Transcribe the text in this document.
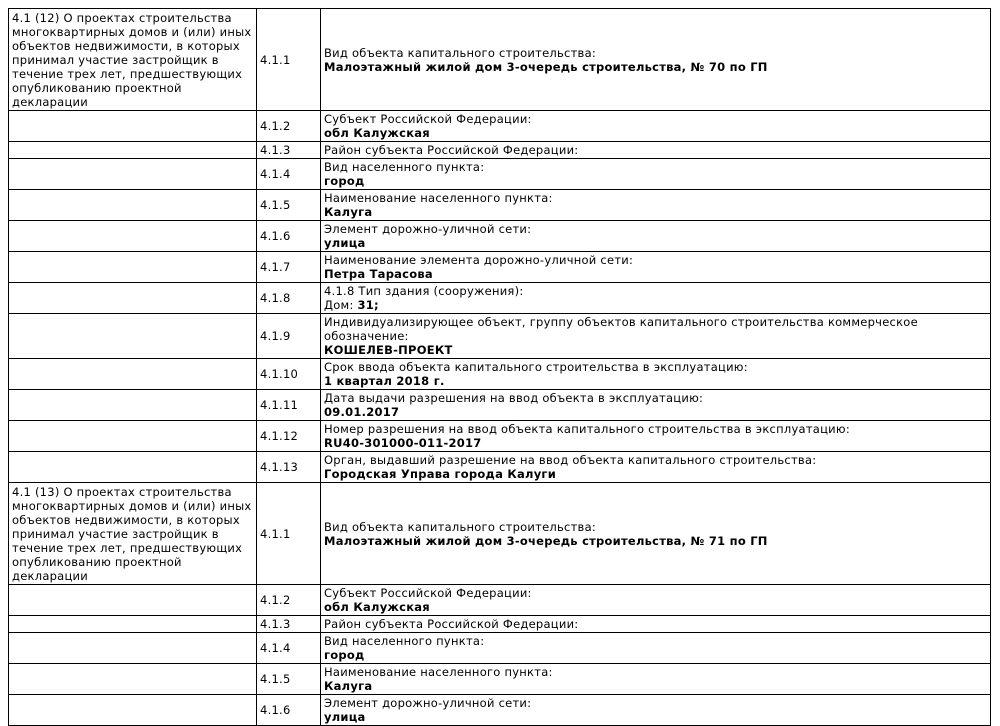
4.1 (12) О проектах строительства многоквартирных домов и (или) иных объектов недвижимости, в которых принимал участие застройщик в течение трех лет, предшествующих опубликованию проектной декларации	4.1.1	Вид объекта капитального строительства:
Малоэтажный жилой дом 3-очередь строительства, № 70 по ГП

	4.1.2	Субъект Российской Федерации:
обл Калужская

	4.1.3	Район субъекта Российской Федерации:

	4.1.4	Вид населенного пункта:
город

	4.1.5	Наименование населенного пункта:
Калуга

	4.1.6	Элемент дорожно-уличной сети:
улица

	4.1.7	Наименование элемента дорожно-уличной сети:
Петра Тарасова

	4.1.8	4.1.8 Тип здания (сооружения):
Дом: 31;

	4.1.9	Индивидуализирующее объект, группу объектов капитального строительства коммерческое обозначение:
КОШЕЛЕВ-ПРОЕКТ

	4.1.10	Срок ввода объекта капитального строительства в эксплуатацию:
1 квартал 2018 г.

	4.1.11	Дата выдачи разрешения на ввод объекта в эксплуатацию:
09.01.2017

	4.1.12	Номер разрешения на ввод объекта капитального строительства в эксплуатацию:
RU40-301000-011-2017

	4.1.13	Орган, выдавший разрешение на ввод объекта капитального строительства:
Городская Управа города Калуги

4.1 (13) О проектах строительства многоквартирных домов и (или) иных объектов недвижимости, в которых принимал участие застройщик в течение трех лет, предшествующих опубликованию проектной декларации	4.1.1	Вид объекта капитального строительства:
Малоэтажный жилой дом 3-очередь строительства, № 71 по ГП

	4.1.2	Субъект Российской Федерации:
обл Калужская

	4.1.3	Район субъекта Российской Федерации:

	4.1.4	Вид населенного пункта:
город

	4.1.5	Наименование населенного пункта:
Калуга

	4.1.6	Элемент дорожно-уличной сети:
улица
